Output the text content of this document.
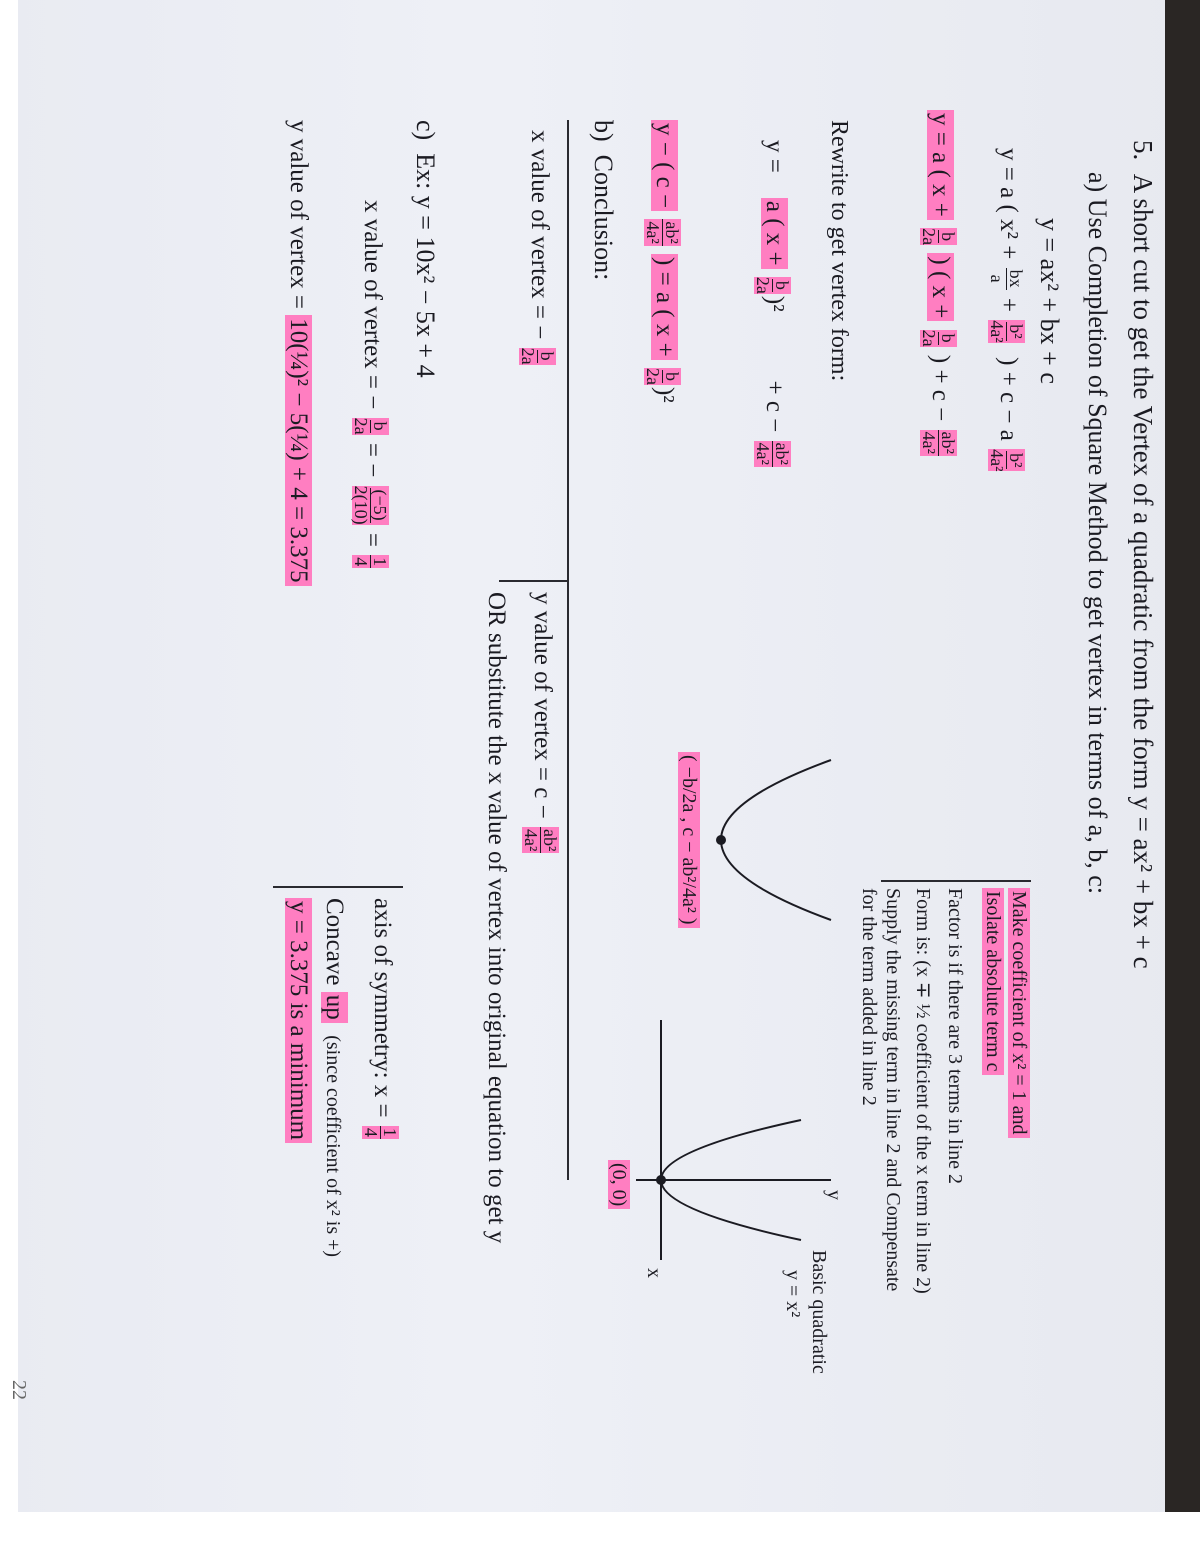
5.  A short cut to get the Vertex of a quadratic from the form y = ax² + bx + c
a) Use Completion of Square Method to get vertex in terms of a, b, c:
y = ax² + bx + c
y = a ( x² +
bx
a
+
b²
4a²
) + c − a
b²
4a²
y = a ( x +
b
2a
) ( x +
b
2a
) + c −
ab²
4a²
Make coefficient of x² = 1 and
Isolate absolute term c
Factor is if there are 3 terms in line 2
Form is: (x ∓ ½ coefficient of the x term in line 2)
Supply the missing term in line 2 and Compensate
for the term added in line 2
Rewrite to get vertex form:
y =    a ( x +
b
2a
)²           + c −
ab²
4a²
y − ( c −
ab²
4a²
) = a ( x +
b
2a
)²
( −b/2a , c − ab²/4a² )
y
x
(0, 0)
Basic quadratic
y = x²
b)  Conclusion:
x value of vertex = −
b
2a
y value of vertex = c −
ab²
4a²
OR substitute the x value of vertex into original equation to get y
c)  Ex: y = 10x² − 5x + 4
x value of vertex = −
b
2a
= −
(−5)
2(10)
=
1
4
y value of vertex = 10(¼)² − 5(¼) + 4 = 3.375
axis of symmetry: x =
1
4
Concave up  (since coefficient of x² is +)
y = 3.375 is a minimum
22
